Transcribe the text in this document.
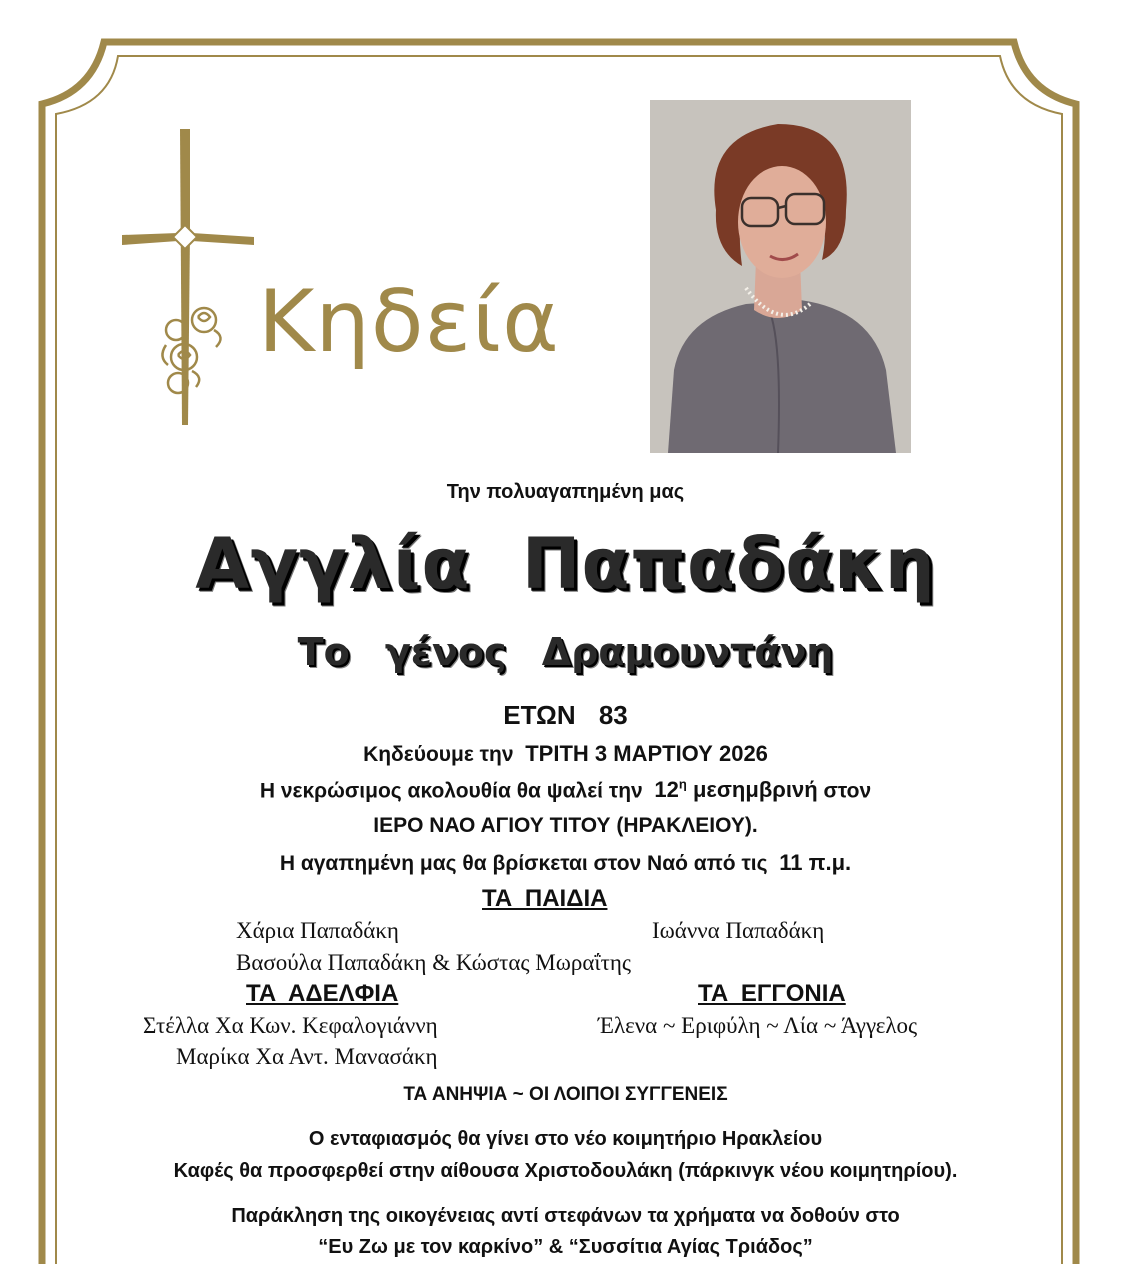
Κηδεία
Την πολυαγαπημένη μας
Αγγλία Παπαδάκη
Το γένος Δραμουντάνη
ΕΤΩΝ 83
Κηδεύουμε την ΤΡΙΤΗ 3 ΜΑΡΤΙΟΥ 2026
Η νεκρώσιμος ακολουθία θα ψαλεί την $12^\eta$ μεσημβρινή στον
ΙΕΡΟ ΝΑΟ ΑΓΙΟΥ ΤΙΤΟΥ (ΗΡΑΚΛΕΙΟΥ).
Η αγαπημένη μας θα βρίσκεται στον Ναό από τις 11 π.μ.
ΤΑ ΠΑΙΔΙΑ
Χάρια Παπαδάκη	Ιωάννα Παπαδάκη
Βασούλα Παπαδάκη & Κώστας Μωραΐτης
ΤΑ ΑΔΕΛΦΙΑ	ΤΑ ΕΓΓΟΝΙΑ
Στέλλα Χα Κων. Κεφαλογιάννη	Έλενα ~ Εριφύλη ~ Λία ~ Άγγελος
Μαρίκα Χα Αντ. Μανασάκη
ΤΑ ΑΝΗΨΙΑ ~ ΟΙ ΛΟΙΠΟΙ ΣΥΓΓΕΝΕΙΣ
Ο ενταφιασμός θα γίνει στο νέο κοιμητήριο Ηρακλείου
Καφές θα προσφερθεί στην αίθουσα Χριστοδουλάκη (πάρκινγκ νέου κοιμητηρίου).
Παράκληση της οικογένειας αντί στεφάνων τα χρήματα να δοθούν στο
“Ευ Ζω με τον καρκίνο” & “Συσσίτια Αγίας Τριάδος”
